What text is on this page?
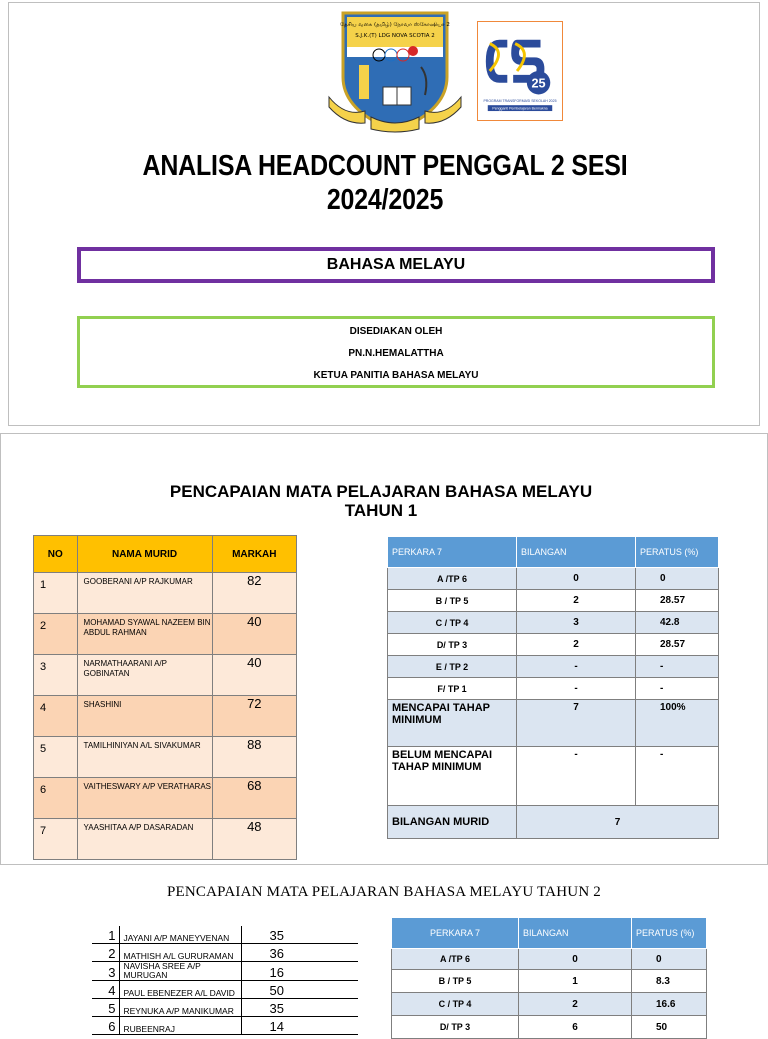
தேசிய வகை (தமிழ்) நோவா ஸ்கோஷியா 2
S.J.K.(T) LDG NOVA SCOTIA 2
25
PROGRAM TRANSFORMASI SEKOLAH 2025
Pengganti Pembelajaran Bermakna
ANALISA HEADCOUNT PENGGAL 2 SESI
2024/2025
BAHASA MELAYU
DISEDIAKAN OLEH
PN.N.HEMALATTHA
KETUA PANITIA BAHASA MELAYU
PENCAPAIAN MATA PELAJARAN BAHASA MELAYU
TAHUN 1
NO	NAMA MURID	MARKAH
1	GOOBERANI A/P RAJKUMAR	82
2	MOHAMAD SYAWAL NAZEEM BIN ABDUL RAHMAN	40
3	NARMATHAARANI A/P GOBINATAN	40
4	SHASHINI	72
5	TAMILHINIYAN A/L SIVAKUMAR	88
6	VAITHESWARY A/P VERATHARAS	68
7	YAASHITAA A/P DASARADAN	48
PERKARA 7	BILANGAN	PERATUS (%)
A /TP 6	0	0
B / TP 5	2	28.57
C / TP 4	3	42.8
D/ TP 3	2	28.57
E / TP 2	-	-
F/ TP 1	-	-
MENCAPAI TAHAP MINIMUM	7	100%
BELUM MENCAPAI TAHAP MINIMUM	-	-
BILANGAN MURID	7	
PENCAPAIAN MATA PELAJARAN BAHASA MELAYU TAHUN 2
1	JAYANI A/P MANEYVENAN	35
2	MATHISH A/L GURURAMAN	36
3	NAVISHA SREE A/P MURUGAN	16
4	PAUL EBENEZER A/L DAVID	50
5	REYNUKA A/P MANIKUMAR	35
6	RUBEENRAJ	14
PERKARA 7	BILANGAN	PERATUS (%)
A /TP 6	0	0
B / TP 5	1	8.3
C / TP 4	2	16.6
D/ TP 3	6	50
